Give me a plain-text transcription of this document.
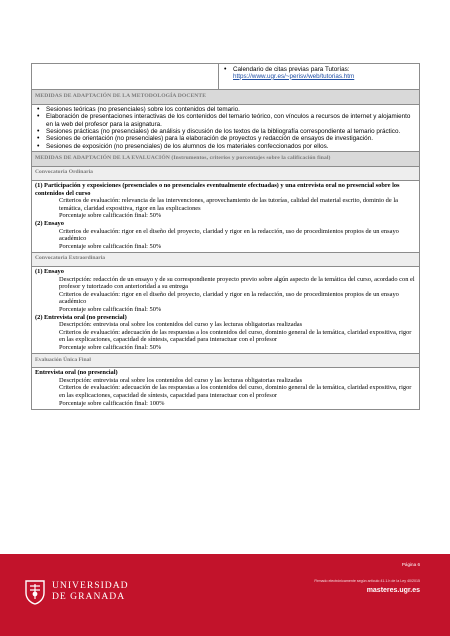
• Calendario de citas previas para Tutorías:
https://www.ugr.es/~perisv/web/tutorias.htm

MEDIDAS DE ADAPTACIÓN DE LA METODOLOGÍA DOCENTE

• Sesiones teóricas (no presenciales) sobre los contenidos del temario.
• Elaboración de presentaciones interactivas de los contenidos del temario teórico, con vínculos a recursos de internet y alojamiento en la web del profesor para la asignatura.
• Sesiones prácticas (no presenciales) de análisis y discusión de los textos de la bibliografía correspondiente al temario práctico.
• Sesiones de orientación (no presenciales) para la elaboración de proyectos y redacción de ensayos de investigación.
• Sesiones de exposición (no presenciales) de los alumnos de los materiales confeccionados por ellos.

MEDIDAS DE ADAPTACIÓN DE LA EVALUACIÓN (Instrumentos, criterios y porcentajes sobre la calificación final)
Convocatoria Ordinaria

(1) Participación y exposiciones (presenciales o no presenciales eventualmente efectuadas) y una entrevista oral no presencial sobre los contenidos del curso
Criterios de evaluación: relevancia de las intervenciones, aprovechamiento de las tutorías, calidad del material escrito, dominio de la temática, claridad expositiva, rigor en las explicaciones
Porcentaje sobre calificación final: 50%
(2) Ensayo
Criterios de evaluación: rigor en el diseño del proyecto, claridad y rigor en la redacción, uso de procedimientos propios de un ensayo académico
Porcentaje sobre calificación final: 50%

Convocatoria Extraordinaria

(1) Ensayo
Descripción: redacción de un ensayo y de su correspondiente proyecto previo sobre algún aspecto de la temática del curso, acordado con el profesor y tutorizado con anterioridad a su entrega
Criterios de evaluación: rigor en el diseño del proyecto, claridad y rigor en la redacción, uso de procedimientos propios de un ensayo académico
Porcentaje sobre calificación final: 50%
(2) Entrevista oral (no presencial)
Descripción: entrevista oral sobre los contenidos del curso y las lecturas obligatorias realizadas
Criterios de evaluación: adecuación de las respuestas a los contenidos del curso, dominio general de la temática, claridad expositiva, rigor en las explicaciones, capacidad de síntesis, capacidad para interactuar con el profesor
Porcentaje sobre calificación final: 50%

Evaluación Única Final

Entrevista oral (no presencial)
Descripción: entrevista oral sobre los contenidos del curso y las lecturas obligatorias realizadas
Criterios de evaluación: adecuación de las respuestas a los contenidos del curso, dominio general de la temática, claridad expositiva, rigor en las explicaciones, capacidad de síntesis, capacidad para interactuar con el profesor
Porcentaje sobre calificación final: 100%
UNIVERSIDAD
DE GRANADA
Página 6
Firmado electrónicamente según artículo 41.1.h de la Ley 40/2015
masteres.ugr.es
